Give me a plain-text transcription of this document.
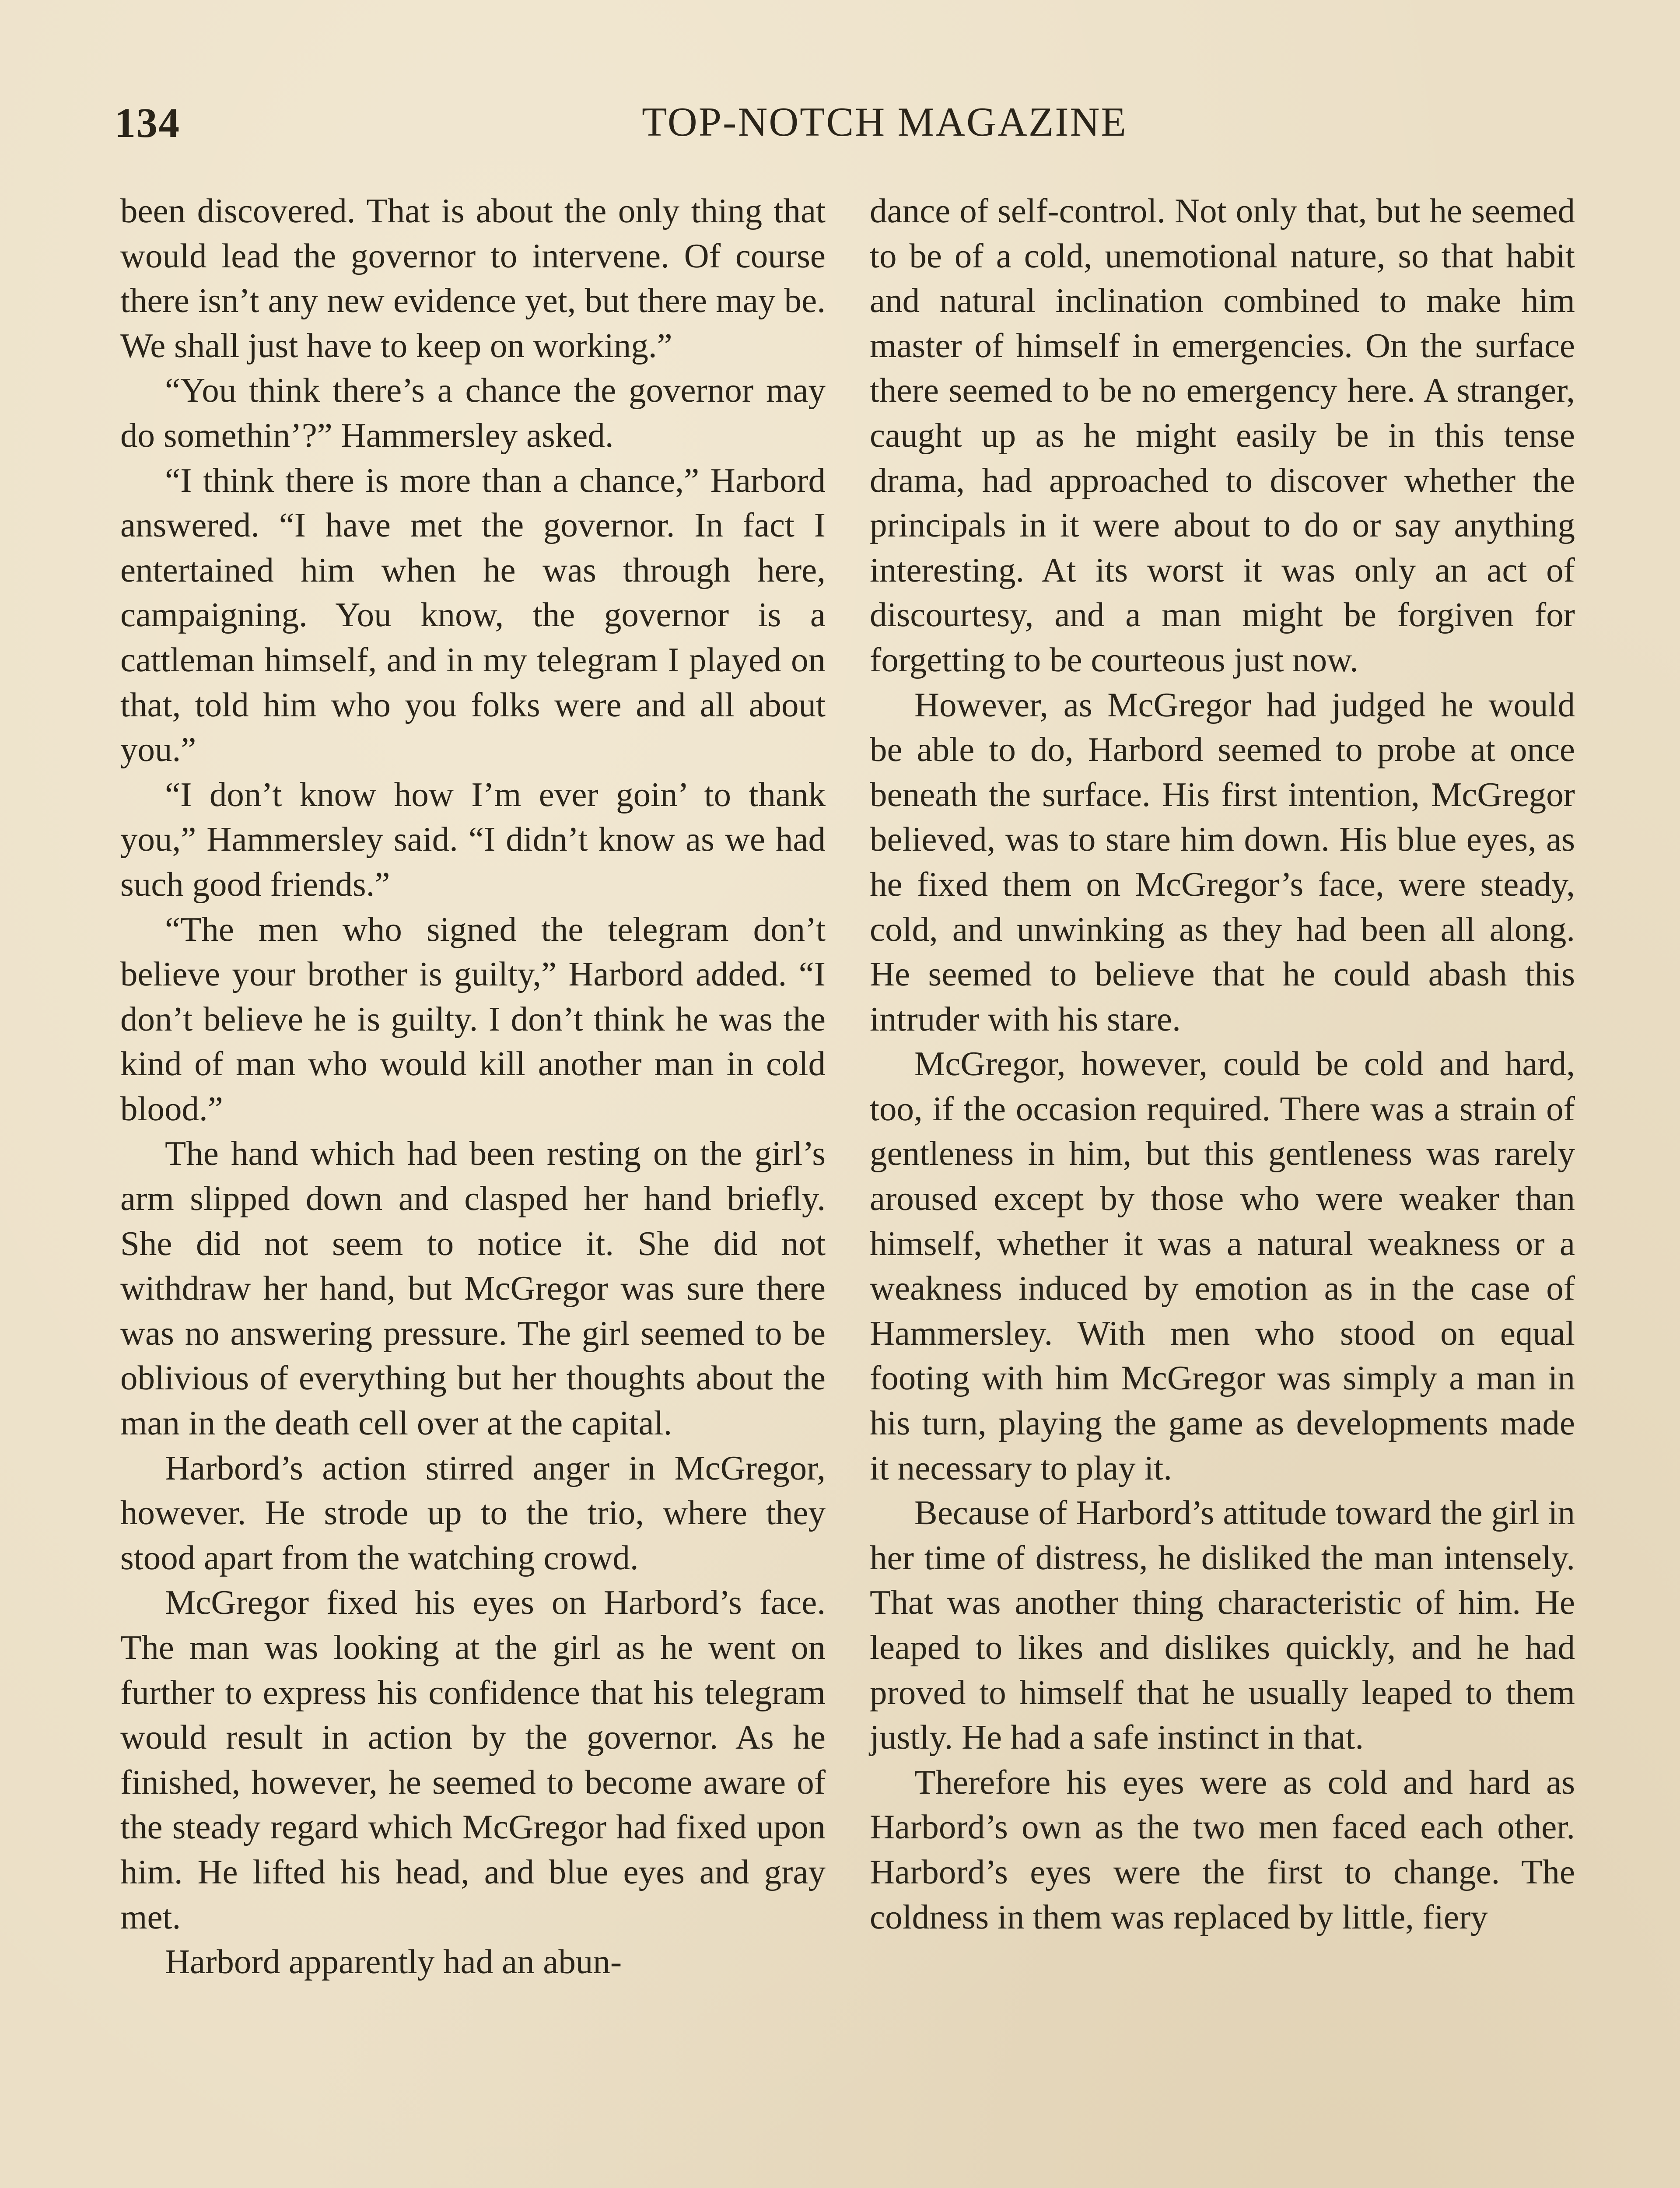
134	TOP-NOTCH MAGAZINE

been discovered. That is about the only thing that would lead the governor to intervene. Of course there isn’t any new evidence yet, but there may be. We shall just have to keep on working.”

“You think there’s a chance the governor may do somethin’?” Hammersley asked.

“I think there is more than a chance,” Harbord answered. “I have met the governor. In fact I entertained him when he was through here, campaigning. You know, the governor is a cattleman himself, and in my telegram I played on that, told him who you folks were and all about you.”

“I don’t know how I’m ever goin’ to thank you,” Hammersley said. “I didn’t know as we had such good friends.”

“The men who signed the telegram don’t believe your brother is guilty,” Harbord added. “I don’t believe he is guilty. I don’t think he was the kind of man who would kill another man in cold blood.”

The hand which had been resting on the girl’s arm slipped down and clasped her hand briefly. She did not seem to notice it. She did not withdraw her hand, but McGregor was sure there was no answering pressure. The girl seemed to be oblivious of everything but her thoughts about the man in the death cell over at the capital.

Harbord’s action stirred anger in McGregor, however. He strode up to the trio, where they stood apart from the watching crowd.

McGregor fixed his eyes on Harbord’s face. The man was looking at the girl as he went on further to express his confidence that his telegram would result in action by the governor. As he finished, however, he seemed to become aware of the steady regard which McGregor had fixed upon him. He lifted his head, and blue eyes and gray met.

Harbord apparently had an abun-

dance of self-control. Not only that, but he seemed to be of a cold, unemotional nature, so that habit and natural inclination combined to make him master of himself in emergencies. On the surface there seemed to be no emergency here. A stranger, caught up as he might easily be in this tense drama, had approached to discover whether the principals in it were about to do or say anything interesting. At its worst it was only an act of discourtesy, and a man might be forgiven for forgetting to be courteous just now.

However, as McGregor had judged he would be able to do, Harbord seemed to probe at once beneath the surface. His first intention, McGregor believed, was to stare him down. His blue eyes, as he fixed them on McGregor’s face, were steady, cold, and unwinking as they had been all along. He seemed to believe that he could abash this intruder with his stare.

McGregor, however, could be cold and hard, too, if the occasion required. There was a strain of gentleness in him, but this gentleness was rarely aroused except by those who were weaker than himself, whether it was a natural weakness or a weakness induced by emotion as in the case of Hammersley. With men who stood on equal footing with him McGregor was simply a man in his turn, playing the game as developments made it necessary to play it.

Because of Harbord’s attitude toward the girl in her time of distress, he disliked the man intensely. That was another thing characteristic of him. He leaped to likes and dislikes quickly, and he had proved to himself that he usually leaped to them justly. He had a safe instinct in that.

Therefore his eyes were as cold and hard as Harbord’s own as the two men faced each other. Harbord’s eyes were the first to change. The coldness in them was replaced by little, fiery
